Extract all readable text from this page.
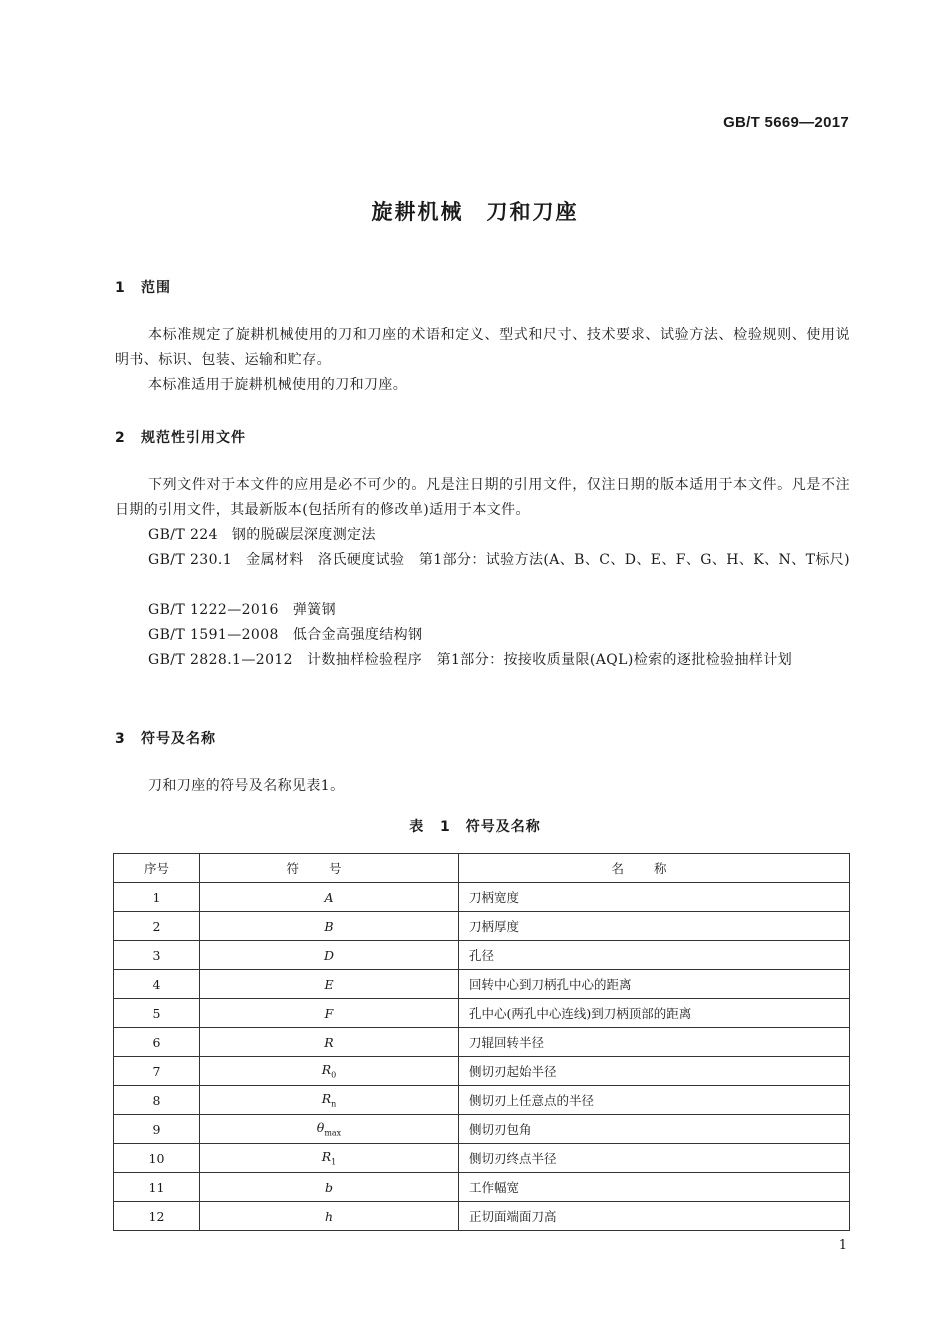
GB/T 5669—2017
旋耕机械　刀和刀座
1 范围

本标准规定了旋耕机械使用的刀和刀座的术语和定义、型式和尺寸、技术要求、试验方法、检验规则、使用说明书、标识、包装、运输和贮存。

本标准适用于旋耕机械使用的刀和刀座。

2 规范性引用文件

下列文件对于本文件的应用是必不可少的。凡是注日期的引用文件，仅注日期的版本适用于本文件。凡是不注日期的引用文件，其最新版本(包括所有的修改单)适用于本文件。

GB/T 224 钢的脱碳层深度测定法

GB/T 230.1 金属材料　洛氏硬度试验　第1部分：试验方法(A、B、C、D、E、F、G、H、K、N、T标尺)

GB/T 1222—2016 弹簧钢

GB/T 1591—2008 低合金高强度结构钢

GB/T 2828.1—2012 计数抽样检验程序　第1部分：按接收质量限(AQL)检索的逐批检验抽样计划

3 符号及名称

刀和刀座的符号及名称见表1。

表 1　符号及名称
序号	符号	名称
1	A	刀柄宽度
2	B	刀柄厚度
3	D	孔径
4	E	回转中心到刀柄孔中心的距离
5	F	孔中心(两孔中心连线)到刀柄顶部的距离
6	R	刀辊回转半径
7	$R_0$	侧切刃起始半径
8	$R_n$	侧切刃上任意点的半径
9	$\theta_{max}$	侧切刃包角
10	$R_1$	侧切刃终点半径
11	b	工作幅宽
12	h	正切面端面刀高
1
